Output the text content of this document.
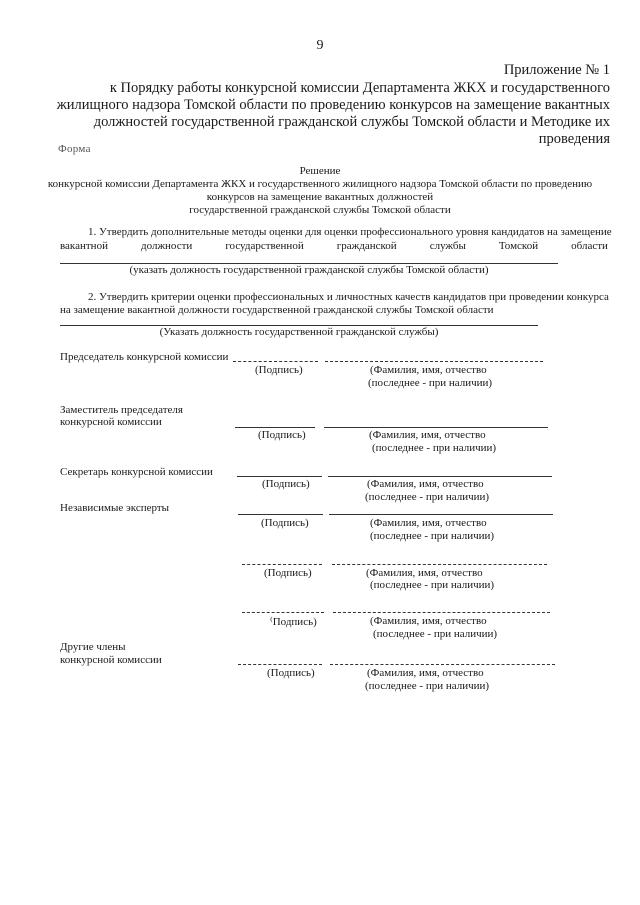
9
Приложение № 1
к Порядку работы конкурсной комиссии Департамента ЖКХ и государственного
жилищного надзора Томской области по проведению конкурсов на замещение вакантных
должностей государственной гражданской службы Томской области и Методике их
проведения
Форма
Решение
конкурсной комиссии Департамента ЖКХ и государственного жилищного надзора Томской области по проведению
конкурсов на замещение вакантных должностей
государственной гражданской службы Томской области
1. Утвердить дополнительные методы оценки для оценки профессионального уровня кандидатов на замещение
вакантной	должности	государственной	гражданской	службы	Томской	области
(указать должность государственной гражданской службы Томской области)
2. Утвердить критерии оценки профессиональных и личностных качеств кандидатов при проведении конкурса
на замещение вакантной должности государственной гражданской службы Томской области
(Указать должность государственной гражданской службы)
Председатель конкурсной комиссии
(Подпись)	(Фамилия, имя, отчество
(последнее - при наличии)
Заместитель председателя
конкурсной комиссии
(Подпись)	(Фамилия, имя, отчество
(последнее - при наличии)
Секретарь конкурсной комиссии
(Подпись)	(Фамилия, имя, отчество
(последнее - при наличии)
Независимые эксперты
(Подпись)	(Фамилия, имя, отчество
(последнее - при наличии)
(Подпись)	(Фамилия, имя, отчество
(последнее - при наличии)
⁽Подпись)	(Фамилия, имя, отчество
(последнее - при наличии)
Другие члены
конкурсной комиссии
(Подпись)	(Фамилия, имя, отчество
(последнее - при наличии)
